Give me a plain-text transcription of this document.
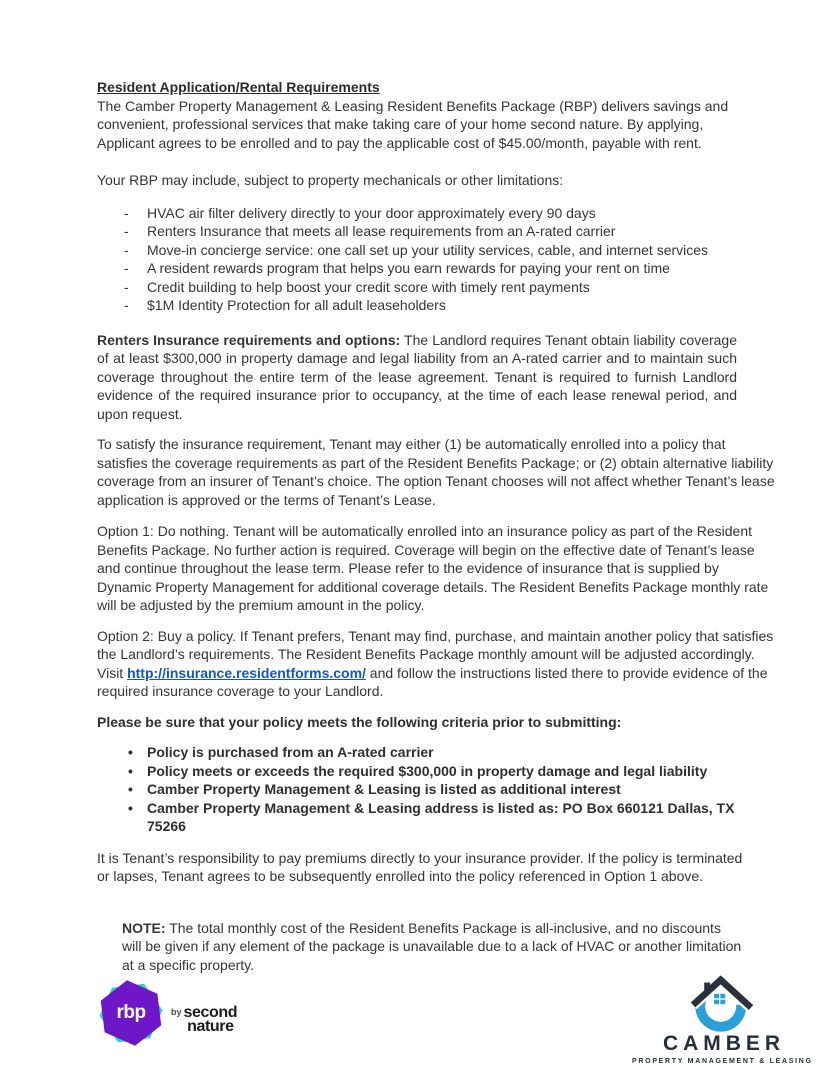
Resident Application/Rental Requirements

The Camber Property Management & Leasing Resident Benefits Package (RBP) delivers savings and convenient, professional services that make taking care of your home second nature. By applying, Applicant agrees to be enrolled and to pay the applicable cost of $45.00/month, payable with rent.

Your RBP may include, subject to property mechanicals or other limitations:

- HVAC air filter delivery directly to your door approximately every 90 days
- Renters Insurance that meets all lease requirements from an A-rated carrier
- Move-in concierge service: one call set up your utility services, cable, and internet services
- A resident rewards program that helps you earn rewards for paying your rent on time
- Credit building to help boost your credit score with timely rent payments
- $1M Identity Protection for all adult leaseholders

Renters Insurance requirements and options: The Landlord requires Tenant obtain liability coverage of at least $300,000 in property damage and legal liability from an A-rated carrier and to maintain such coverage throughout the entire term of the lease agreement. Tenant is required to furnish Landlord evidence of the required insurance prior to occupancy, at the time of each lease renewal period, and upon request.

To satisfy the insurance requirement, Tenant may either (1) be automatically enrolled into a policy that satisfies the coverage requirements as part of the Resident Benefits Package; or (2) obtain alternative liability coverage from an insurer of Tenant’s choice. The option Tenant chooses will not affect whether Tenant’s lease application is approved or the terms of Tenant’s Lease.

Option 1: Do nothing. Tenant will be automatically enrolled into an insurance policy as part of the Resident Benefits Package. No further action is required. Coverage will begin on the effective date of Tenant’s lease and continue throughout the lease term. Please refer to the evidence of insurance that is supplied by Dynamic Property Management for additional coverage details. The Resident Benefits Package monthly rate will be adjusted by the premium amount in the policy.

Option 2: Buy a policy. If Tenant prefers, Tenant may find, purchase, and maintain another policy that satisfies the Landlord’s requirements. The Resident Benefits Package monthly amount will be adjusted accordingly. Visit http://insurance.residentforms.com/ and follow the instructions listed there to provide evidence of the required insurance coverage to your Landlord.

Please be sure that your policy meets the following criteria prior to submitting:

• Policy is purchased from an A-rated carrier
• Policy meets or exceeds the required $300,000 in property damage and legal liability
• Camber Property Management & Leasing is listed as additional interest
• Camber Property Management & Leasing address is listed as: PO Box 660121 Dallas, TX 75266

It is Tenant’s responsibility to pay premiums directly to your insurance provider. If the policy is terminated or lapses, Tenant agrees to be subsequently enrolled into the policy referenced in Option 1 above.

NOTE: The total monthly cost of the Resident Benefits Package is all-inclusive, and no discounts will be given if any element of the package is unavailable due to a lack of HVAC or another limitation at a specific property.
rbp	by second
nature
CAMBER
PROPERTY MANAGEMENT & LEASING
